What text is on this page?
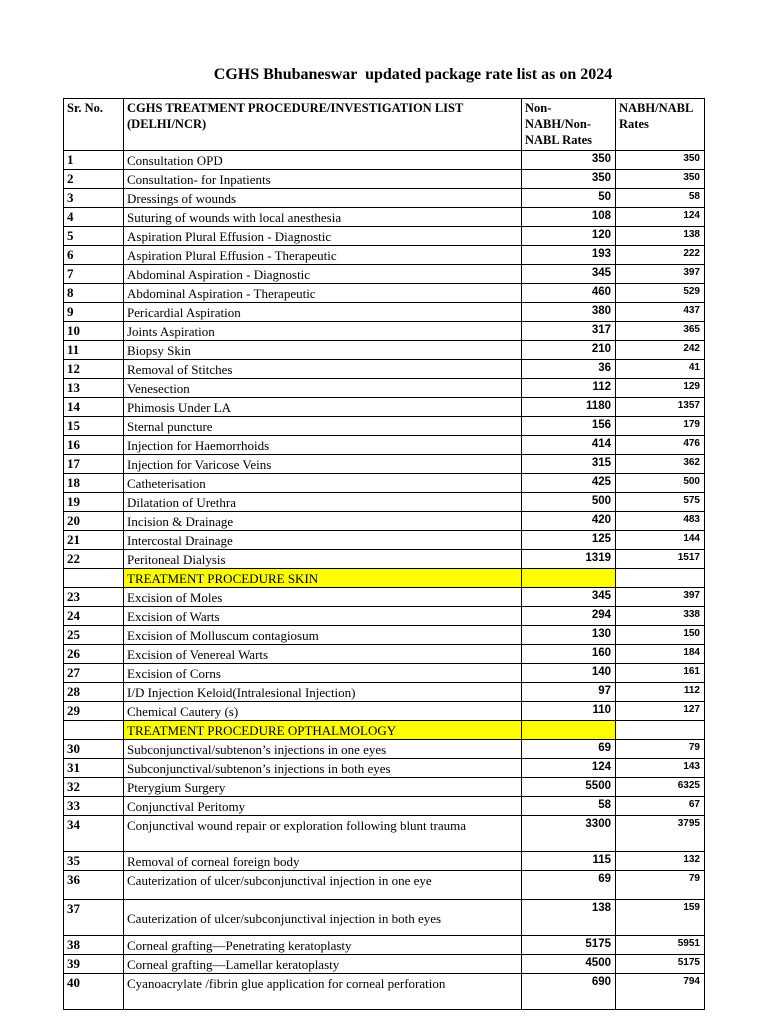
CGHS Bhubaneswar  updated package rate list as on 2024
Sr. No.	CGHS TREATMENT PROCEDURE/INVESTIGATION LIST (DELHI/NCR)	Non-NABH/Non-NABL Rates	NABH/NABL Rates
1	Consultation OPD	350	350
2	Consultation- for Inpatients	350	350
3	Dressings of wounds	50	58
4	Suturing of wounds with local anesthesia	108	124
5	Aspiration Plural Effusion - Diagnostic	120	138
6	Aspiration Plural Effusion - Therapeutic	193	222
7	Abdominal Aspiration - Diagnostic	345	397
8	Abdominal Aspiration - Therapeutic	460	529
9	Pericardial Aspiration	380	437
10	Joints Aspiration	317	365
11	Biopsy Skin	210	242
12	Removal of Stitches	36	41
13	Venesection	112	129
14	Phimosis Under LA	1180	1357
15	Sternal puncture	156	179
16	Injection for Haemorrhoids	414	476
17	Injection for Varicose Veins	315	362
18	Catheterisation	425	500
19	Dilatation of Urethra	500	575
20	Incision & Drainage	420	483
21	Intercostal Drainage	125	144
22	Peritoneal Dialysis	1319	1517
	TREATMENT PROCEDURE SKIN		
23	Excision of Moles	345	397
24	Excision of Warts	294	338
25	Excision of Molluscum contagiosum	130	150
26	Excision of Venereal Warts	160	184
27	Excision of Corns	140	161
28	I/D Injection Keloid(Intralesional Injection)	97	112
29	Chemical Cautery (s)	110	127
	TREATMENT PROCEDURE OPTHALMOLOGY		
30	Subconjunctival/subtenon’s injections in one eyes	69	79
31	Subconjunctival/subtenon’s injections in both eyes	124	143
32	Pterygium Surgery	5500	6325
33	Conjunctival Peritomy	58	67
34	Conjunctival wound repair or exploration following blunt trauma	3300	3795
35	Removal of corneal foreign body	115	132
36	Cauterization of ulcer/subconjunctival injection in one eye	69	79
37	Cauterization of ulcer/subconjunctival injection in both eyes	138	159
38	Corneal grafting—Penetrating keratoplasty	5175	5951
39	Corneal grafting—Lamellar keratoplasty	4500	5175
40	Cyanoacrylate /fibrin glue application for corneal perforation	690	794
